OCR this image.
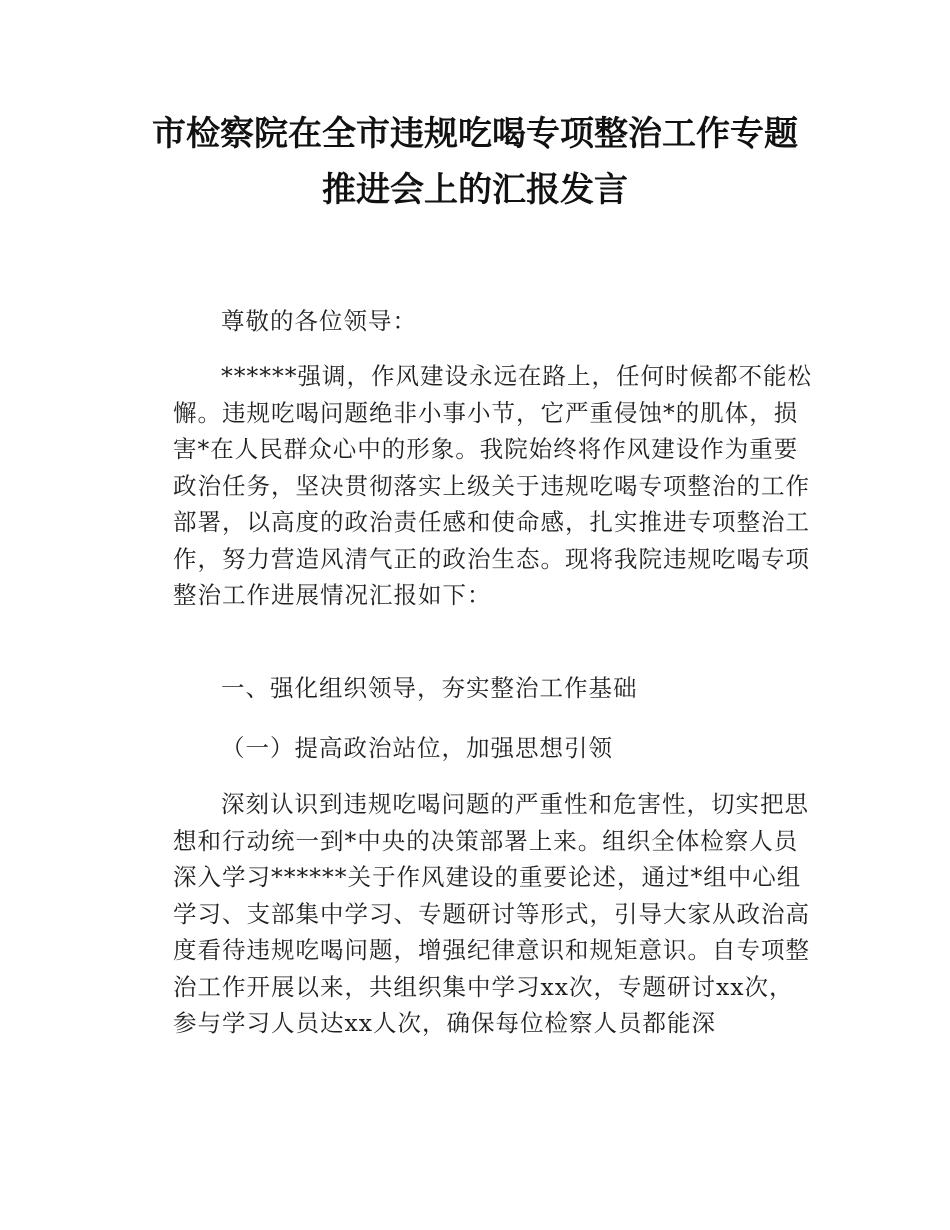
市检察院在全市违规吃喝专项整治工作专题
推进会上的汇报发言

尊敬的各位领导：

******强调，作风建设永远在路上，任何时候都不能松懈。违规吃喝问题绝非小事小节，它严重侵蚀*的肌体，损害*在人民群众心中的形象。我院始终将作风建设作为重要政治任务，坚决贯彻落实上级关于违规吃喝专项整治的工作部署，以高度的政治责任感和使命感，扎实推进专项整治工作，努力营造风清气正的政治生态。现将我院违规吃喝专项整治工作进展情况汇报如下：

一、强化组织领导，夯实整治工作基础

（一）提高政治站位，加强思想引领

深刻认识到违规吃喝问题的严重性和危害性，切实把思想和行动统一到*中央的决策部署上来。组织全体检察人员深入学习******关于作风建设的重要论述，通过*组中心组学习、支部集中学习、专题研讨等形式，引导大家从政治高度看待违规吃喝问题，增强纪律意识和规矩意识。自专项整治工作开展以来，共组织集中学习xx次，专题研讨xx次，参与学习人员达xx人次，确保每位检察人员都能深
